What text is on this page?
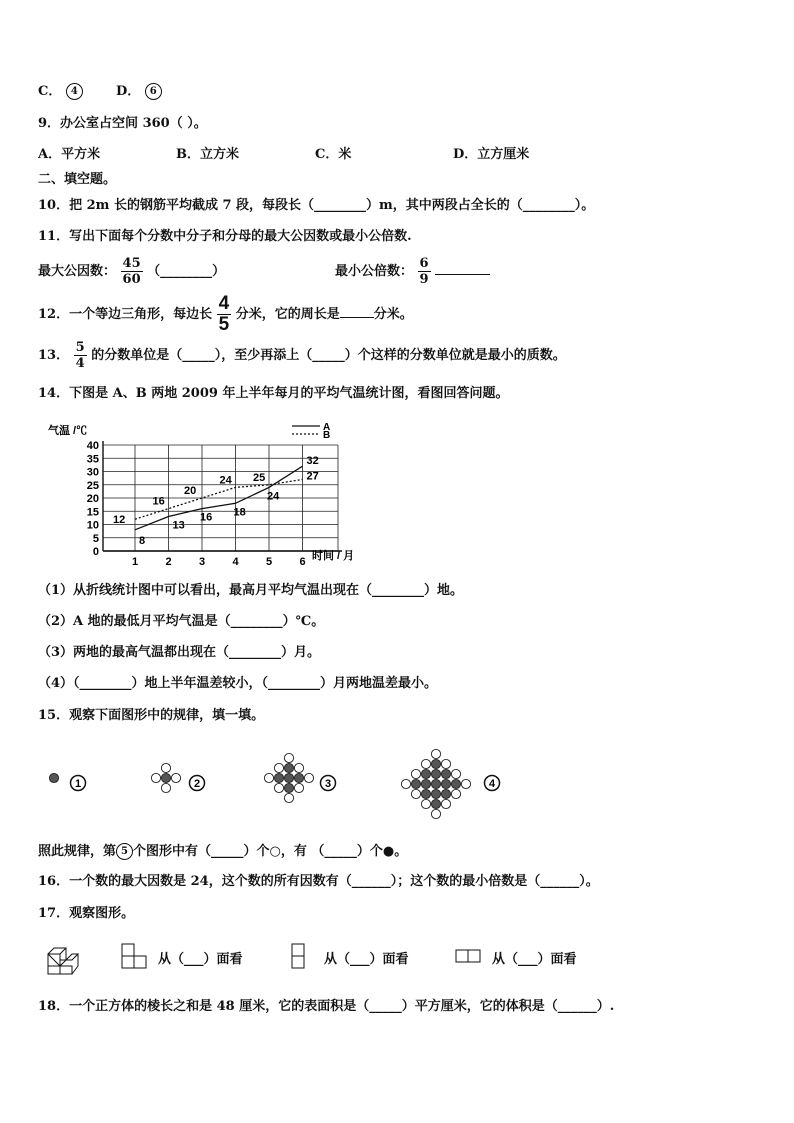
C． 4	D． 6
9．办公室占空间 360（ ）。
A．平方米	B．立方米	C．米	D．立方厘米
二、填空题。
10．把 2m 长的钢筋平均截成 7 段，每段长（________）m，其中两段占全长的（________）。
11．写出下面每个分数中分子和分母的最大公因数或最小公倍数.
最大公因数： $\frac{45}{60}$ （________）	最小公倍数： $\frac{6}{9}$

12．一个等边三角形，每边长 $\frac{4}{5}$ 分米，它的周长是	分米。
13． $\frac{5}{4}$ 的分数单位是（_____），至少再添上（_____）个这样的分数单位就是最小的质数。
14．下图是 A、B 两地 2009 年上半年每月的平均气温统计图，看图回答问题。
0
5
10
15
20
25
30
35
40
1 2 3 4 5 6
8
13
16 18
24
32
12
16
20
24 25	27
A
B
气温 /℃
时间 / 月
（1）从折线统计图中可以看出，最高月平均气温出现在（________）地。
（2）A 地的最低月平均气温是（________）℃。
（3）两地的最高气温都出现在（________）月。
（4）（________）地上半年温差较小，（________）月两地温差最小。
15．观察下面图形中的规律，填一填。
1	2	3	4
照此规律，第 5 个图形中有（_____）个○，有 （_____）个●。
16．一个数的最大因数是 24，这个数的所有因数有（______）；这个数的最小倍数是（______）。
17．观察图形。
从（___）面看	从（___）面看	从（___）面看
18．一个正方体的棱长之和是 48 厘米，它的表面积是（_____）平方厘米，它的体积是（______）.
